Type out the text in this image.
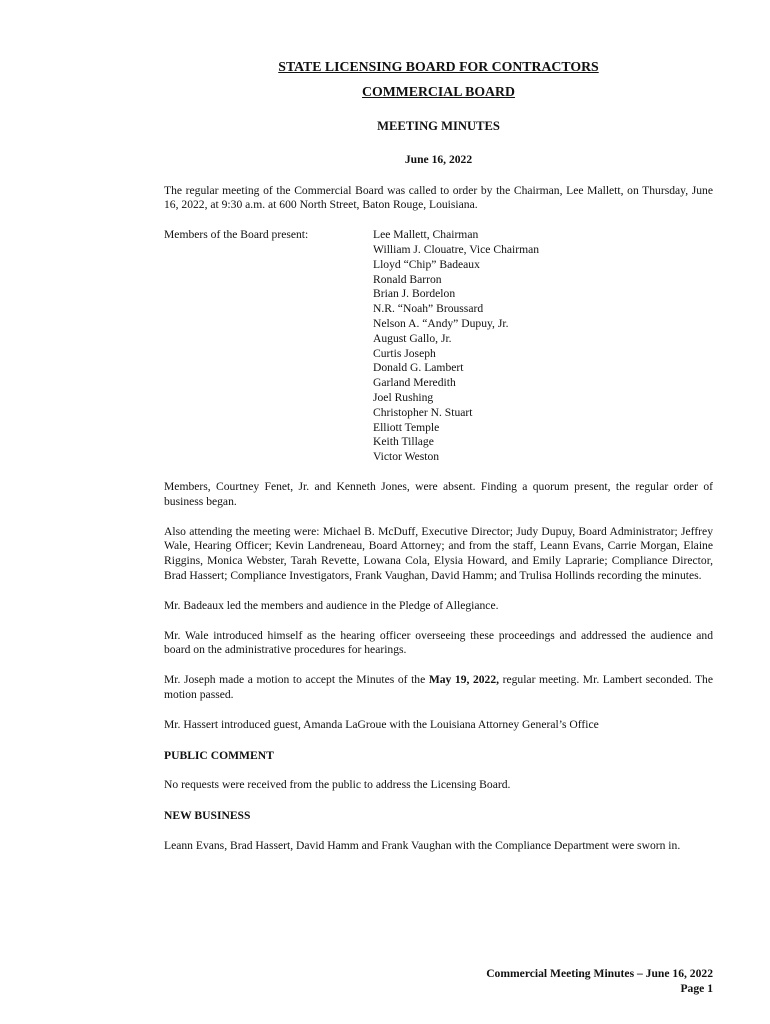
STATE LICENSING BOARD FOR CONTRACTORS
COMMERCIAL BOARD
MEETING MINUTES
June 16, 2022

The regular meeting of the Commercial Board was called to order by the Chairman, Lee Mallett, on Thursday, June 16, 2022, at 9:30 a.m. at 600 North Street, Baton Rouge, Louisiana.

Members of the Board present:	Lee Mallett, Chairman
William J. Clouatre, Vice Chairman
Lloyd “Chip” Badeaux
Ronald Barron
Brian J. Bordelon
N.R. “Noah” Broussard
Nelson A. “Andy” Dupuy, Jr.
August Gallo, Jr.
Curtis Joseph
Donald G. Lambert
Garland Meredith
Joel Rushing
Christopher N. Stuart
Elliott Temple
Keith Tillage
Victor Weston

Members, Courtney Fenet, Jr. and Kenneth Jones, were absent. Finding a quorum present, the regular order of business began.

Also attending the meeting were: Michael B. McDuff, Executive Director; Judy Dupuy, Board Administrator; Jeffrey Wale, Hearing Officer; Kevin Landreneau, Board Attorney; and from the staff, Leann Evans, Carrie Morgan, Elaine Riggins, Monica Webster, Tarah Revette, Lowana Cola, Elysia Howard, and Emily Laprarie; Compliance Director, Brad Hassert; Compliance Investigators, Frank Vaughan, David Hamm; and Trulisa Hollinds recording the minutes.

Mr. Badeaux led the members and audience in the Pledge of Allegiance.

Mr. Wale introduced himself as the hearing officer overseeing these proceedings and addressed the audience and board on the administrative procedures for hearings.

Mr. Joseph made a motion to accept the Minutes of the May 19, 2022, regular meeting. Mr. Lambert seconded. The motion passed.

Mr. Hassert introduced guest, Amanda LaGroue with the Louisiana Attorney General’s Office

PUBLIC COMMENT

No requests were received from the public to address the Licensing Board.

NEW BUSINESS

Leann Evans, Brad Hassert, David Hamm and Frank Vaughan with the Compliance Department were sworn in.

Commercial Meeting Minutes – June 16, 2022
Page 1
